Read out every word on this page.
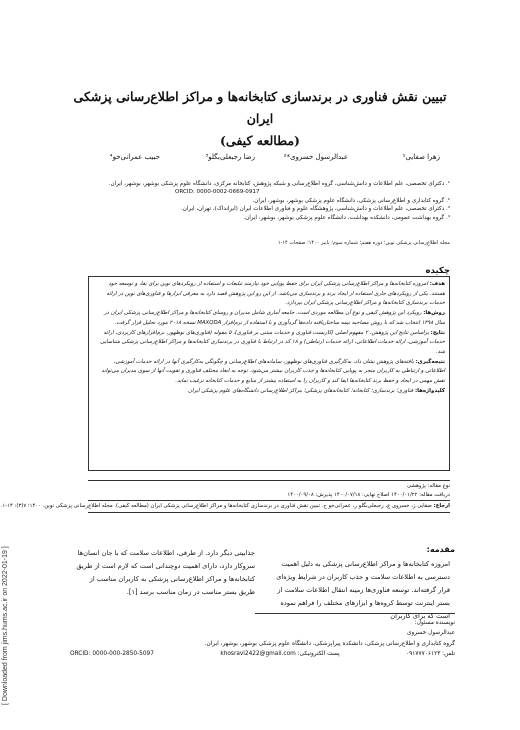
[ Downloaded from jims.hums.ac.ir on 2022-01-19 ]
تبیین نقش فناوری در برندسازی کتابخانه‌ها و مراکز اطلاع‌رسانی پزشکی ایران
(مطالعه کیفی)
زهرا صفایی¹
عبدالرسول خسروی*²
رضا رجبعلی‌بگلو³
حبیب عمرانی‌خو⁴
¹. دکترای تخصصی، علم اطلاعات و دانش‌شناسی، گروه اطلاع‌رسانی و شبکه پژوهش، کتابخانه مرکزی، دانشگاه علوم پزشکی بوشهر، بوشهر، ایران.
ORCID: 0000-0002-0669-0917
². گروه کتابداری و اطلاع‌رسانی پزشکی، دانشگاه علوم پزشکی بوشهر، بوشهر، ایران.
³. دکترای تخصصی، علم اطلاعات و دانش‌شناسی، پژوهشگاه علوم و فناوری اطلاعات ایران (ایرانداک)، تهران، ایران.
⁴. گروه بهداشت عمومی، دانشکده بهداشت، دانشگاه علوم پزشکی بوشهر، بوشهر، ایران.
مجله اطلاع‌رسانی پزشکی نوین؛ دوره هفتم؛ شماره سوم؛ پاییز ۱۴۰۰؛ صفحات ۱۴-۱
چکیده

هدف: امروزه کتابخانه‌ها و مراکز اطلاع‌رسانی پزشکی ایران برای حفظ پویایی خود نیازمند تبلیغات و استفاده از رویکردهای نوین برای بقا، و توسعه خود هستند. یکی از رویکردهای جاری استفاده از ایجاد برند و برندسازی می‌باشد. از این رو این پژوهش قصد دارد به معرفی ابزارها و فناوری‌های نوین در ارائه خدمات برندسازی کتابخانه‌ها و مراکز اطلاع‌رسانی پزشکی ایران بپردازد.

روش‌ها: رویکرد این پژوهش کیفی و نوع آن مطالعه موردی است. جامعه آماری شامل مدیران و روسای کتابخانه‌ها و مراکز اطلاع‌رسانی پزشکی ایران در سال ۱۳۹۸ انتخاب شد که با روش مصاحبه نیمه ساختاریافته داده‌ها گردآوری و با استفاده از نرم‌افزار MAXQDA نسخه ۲۰۱۸ مورد تحلیل قرار گرفت.

نتایج: براساس نتایج این پژوهش، ۲ مفهوم اصلی (کاربست فناوری و خدمات مبتنی بر فناوری)، ۵ مقوله (فناوری‌های نوظهور، نرم‌افزارهای کاربردی، ارائه خدمات آموزشی، ارائه خدمات اطلاعاتی، ارائه خدمات ارتباطی) و ۱۸ کد در ارتباط با فناوری در برندسازی کتابخانه‌ها و مراکز اطلاع‌رسانی پزشکی شناسایی شد.

نتیجه‌گیری: یافته‌های پژوهش نشان داد، به‌کارگیری فناوری‌های نوظهور، سامانه‌های اطلاع‌رسانی و چگونگی به‌کارگیری آنها در ارائه خدمات آموزشی، اطلاعاتی و ارتباطی به کاربران منجر به پویایی کتابخانه‌ها و جذب کاربران بیشتر می‌شود. توجه به ابعاد مختلف فناوری و تقویت آنها از سوی مدیران می‌تواند نقش مهمی در ایجاد و حفظ برند کتابخانه‌ها ایفا کند و کاربران را به استفاده بیشتر از منابع و خدمات کتابخانه ترغیب نماید.

کلیدواژه‌ها: فناوری؛ برندسازی؛ کتابخانه؛ کتابخانه‌های پزشکی؛ مراکز اطلاع‌رسانی دانشگاه‌های علوم پزشکی ایران

نوع مقاله: پژوهشی
دریافت مقاله: ۱۴۰۰/۰۱/۲۲ اصلاح نهایی: ۱۴۰۰/۰۷/۱۸ پذیرش: ۱۴۰۰/۰۹/۰۸
ارجاع: صفایی ز، خسروی ع، رجبعلی‌بگلو ر، عمرانی‌خو ح. تبیین نقش فناوری در برندسازی کتابخانه‌ها و مراکز اطلاع‌رسانی پزشکی ایران (مطالعه کیفی). مجله اطلاع‌رسانی پزشکی نوین. ۱۴۰۰؛ ۷(۳): ۱۴-۱.
مقدمه:
امروزه کتابخانه‌ها و مراکز اطلاع‌رسانی پزشکی به دلیل اهمیت دسترسی به اطلاعات سلامت و جذب کاربران در شرایط ویژه‌ای قرار گرفته‌اند. توسعه فناوری‌ها زمینه انتقال اطلاعات سلامت از بستر اینترنت توسط کروه‌ها و ابزارهای مختلف را فراهم نموده است که برای کاربران
جذابیتی دیگر دارد. از طرفی، اطلاعات سلامت که با جان انسان‌ها سروکار دارد، دارای اهمیت دوچندانی است که لازم است از طریق کتابخانه‌ها و مراکز اطلاع‌رسانی پزشکی به کاربران مناسب از طریق بستر مناسب در زمان مناسب برسد [۱].
نویسنده مسئول:
عبدالرسول خسروی
گروه کتابداری و اطلاع‌رسانی پزشکی، دانشکده پیراپزشکی، دانشگاه علوم پزشکی بوشهر، بوشهر، ایران.
ORCID: 0000-000-2850-5097	پست الکترونیکی: khosravi2422@gmail.com	تلفن: ۰۹۱۷۷۷۰۶۱۲۳
